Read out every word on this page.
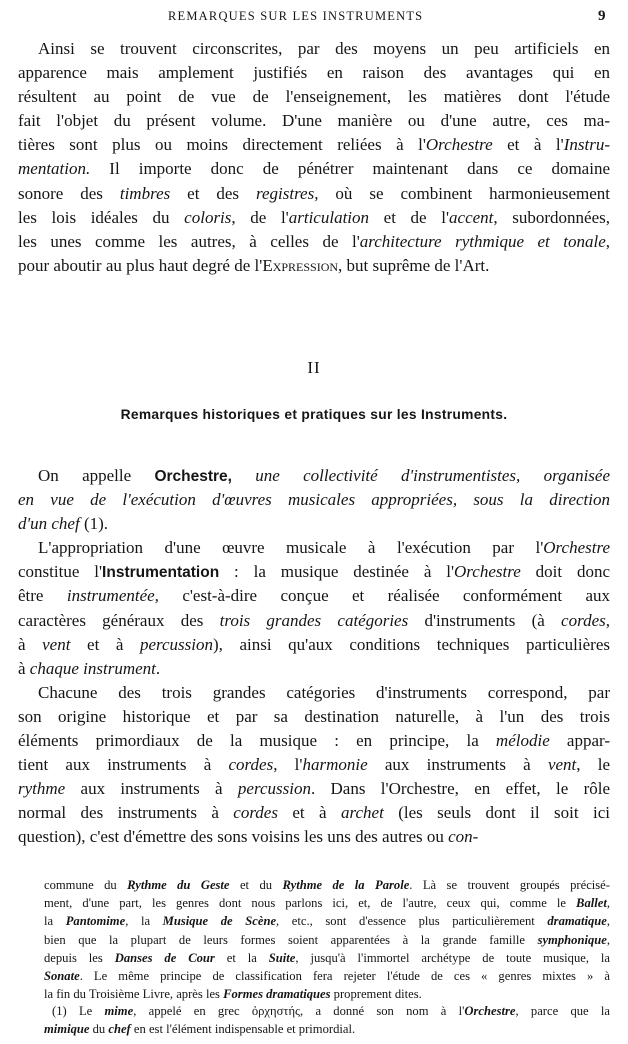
REMARQUES SUR LES INSTRUMENTS	9
Ainsi se trouvent circonscrites, par des moyens un peu artificiels en
apparence mais amplement justifiés en raison des avantages qui en
résultent au point de vue de l'enseignement, les matières dont l'étude
fait l'objet du présent volume. D'une manière ou d'une autre, ces ma-
tières sont plus ou moins directement reliées à l'Orchestre et à l'Instru-
mentation. Il importe donc de pénétrer maintenant dans ce domaine
sonore des timbres et des registres, où se combinent harmonieusement
les lois idéales du coloris, de l'articulation et de l'accent, subordonnées,
les unes comme les autres, à celles de l'architecture rythmique et tonale,
pour aboutir au plus haut degré de l'Expression, but suprême de l'Art.
II
Remarques historiques et pratiques sur les Instruments.
On appelle Orchestre, une collectivité d'instrumentistes, organisée
en vue de l'exécution d'œuvres musicales appropriées, sous la direction
d'un chef (1).
L'appropriation d'une œuvre musicale à l'exécution par l'Orchestre
constitue l'Instrumentation : la musique destinée à l'Orchestre doit donc
être instrumentée, c'est-à-dire conçue et réalisée conformément aux
caractères généraux des trois grandes catégories d'instruments (à cordes,
à vent et à percussion), ainsi qu'aux conditions techniques particulières
à chaque instrument.
Chacune des trois grandes catégories d'instruments correspond, par
son origine historique et par sa destination naturelle, à l'un des trois
éléments primordiaux de la musique : en principe, la mélodie appar-
tient aux instruments à cordes, l'harmonie aux instruments à vent, le
rythme aux instruments à percussion. Dans l'Orchestre, en effet, le rôle
normal des instruments à cordes et à archet (les seuls dont il soit ici
question), c'est d'émettre des sons voisins les uns des autres ou con-
commune du Rythme du Geste et du Rythme de la Parole. Là se trouvent groupés précisé-
ment, d'une part, les genres dont nous parlons ici, et, de l'autre, ceux qui, comme le Ballet,
la Pantomime, la Musique de Scène, etc., sont d'essence plus particulièrement dramatique,
bien que la plupart de leurs formes soient apparentées à la grande famille symphonique,
depuis les Danses de Cour et la Suite, jusqu'à l'immortel archétype de toute musique, la
Sonate. Le même principe de classification fera rejeter l'étude de ces « genres mixtes » à
la fin du Troisième Livre, après les Formes dramatiques proprement dites.
(1) Le mime, appelé en grec ὀρχηστής, a donné son nom à l'Orchestre, parce que la
mimique du chef en est l'élément indispensable et primordial.
